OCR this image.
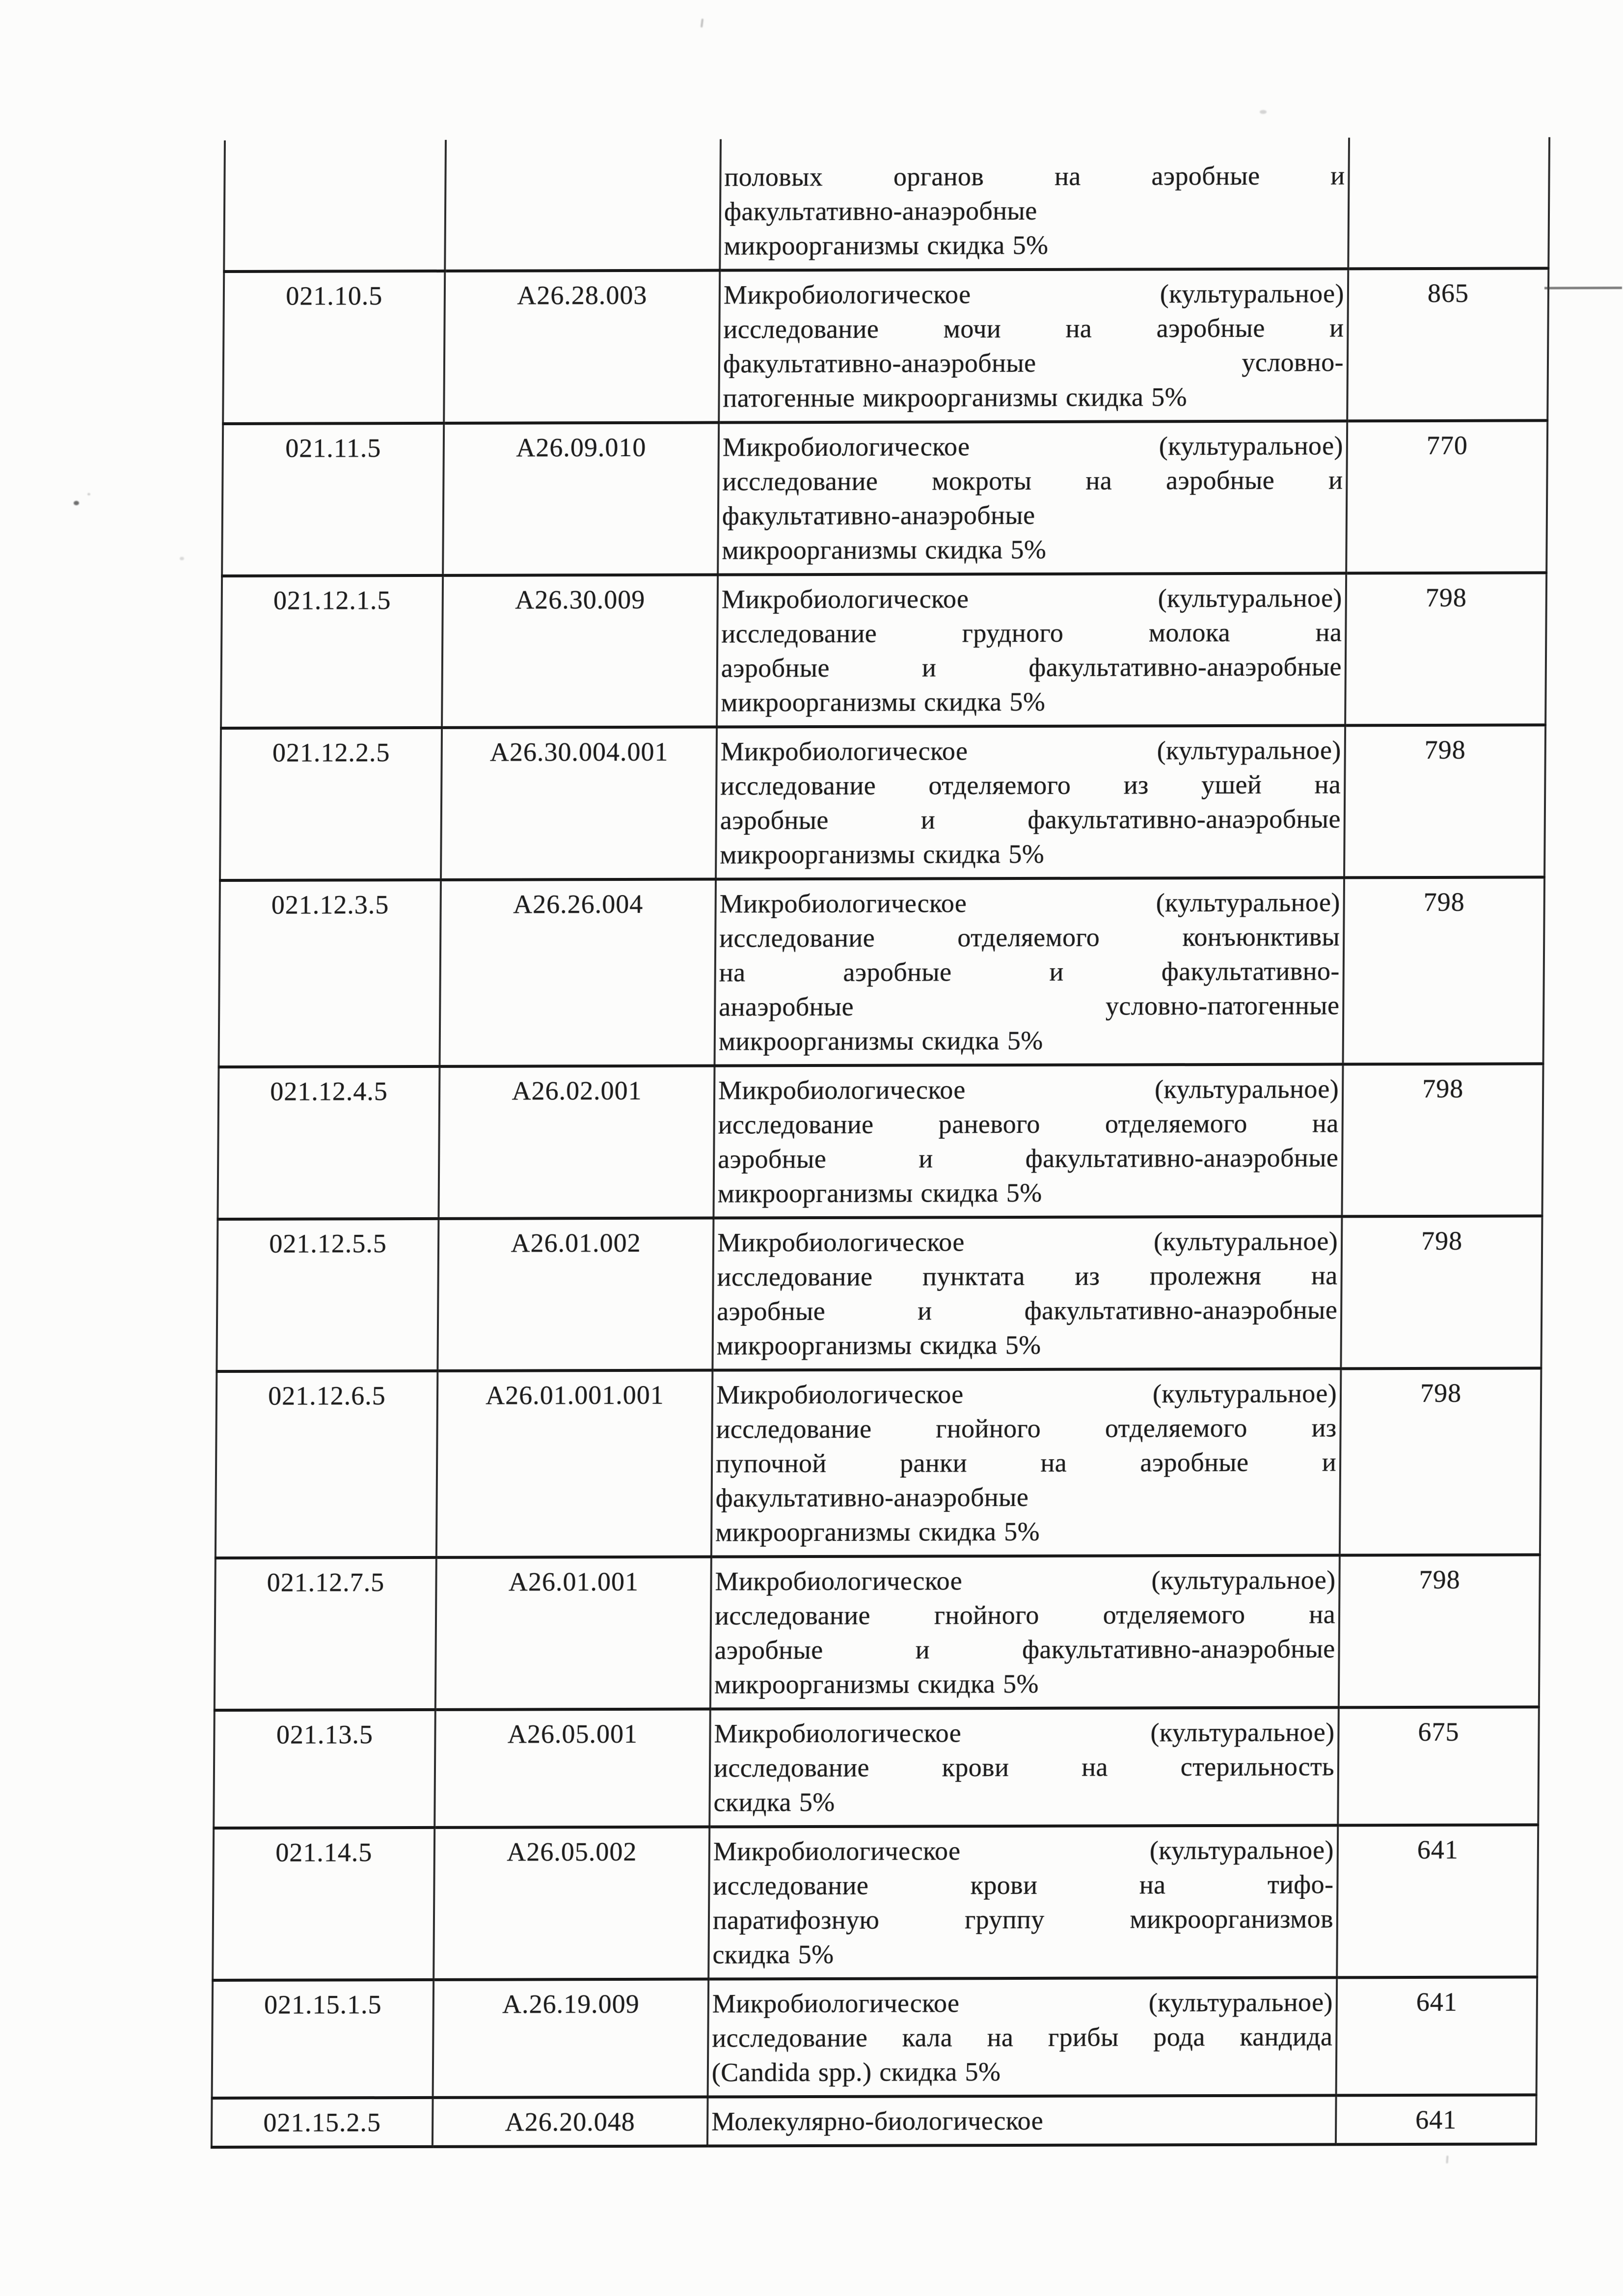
		половых органов на аэробные и
факультативно-анаэробные
микроорганизмы скидка 5%	

021.10.5	А26.28.003	Микробиологическое (культуральное)
исследование мочи на аэробные и
факультативно-анаэробные условно-
патогенные микроорганизмы скидка 5%	865
021.11.5	А26.09.010	Микробиологическое (культуральное)
исследование мокроты на аэробные и
факультативно-анаэробные
микроорганизмы скидка 5%	770
021.12.1.5	А26.30.009	Микробиологическое (культуральное)
исследование грудного молока на
аэробные и факультативно-анаэробные
микроорганизмы скидка 5%	798
021.12.2.5	А26.30.004.001	Микробиологическое (культуральное)
исследование отделяемого из ушей на
аэробные и факультативно-анаэробные
микроорганизмы скидка 5%	798
021.12.3.5	А26.26.004	Микробиологическое (культуральное)
исследование отделяемого конъюнктивы
на аэробные и факультативно-
анаэробные условно-патогенные
микроорганизмы скидка 5%	798
021.12.4.5	А26.02.001	Микробиологическое (культуральное)
исследование раневого отделяемого на
аэробные и факультативно-анаэробные
микроорганизмы скидка 5%	798
021.12.5.5	А26.01.002	Микробиологическое (культуральное)
исследование пунктата из пролежня на
аэробные и факультативно-анаэробные
микроорганизмы скидка 5%	798
021.12.6.5	А26.01.001.001	Микробиологическое (культуральное)
исследование гнойного отделяемого из
пупочной ранки на аэробные и
факультативно-анаэробные
микроорганизмы скидка 5%	798
021.12.7.5	А26.01.001	Микробиологическое (культуральное)
исследование гнойного отделяемого на
аэробные и факультативно-анаэробные
микроорганизмы скидка 5%	798
021.13.5	А26.05.001	Микробиологическое (культуральное)
исследование крови на стерильность
скидка 5%	675
021.14.5	А26.05.002	Микробиологическое (культуральное)
исследование крови на тифо-
паратифозную группу микроорганизмов
скидка 5%	641
021.15.1.5	А.26.19.009	Микробиологическое (культуральное)
исследование кала на грибы рода кандида
(Candida spp.) скидка 5%	641
021.15.2.5	А26.20.048	Молекулярно-биологическое	641
